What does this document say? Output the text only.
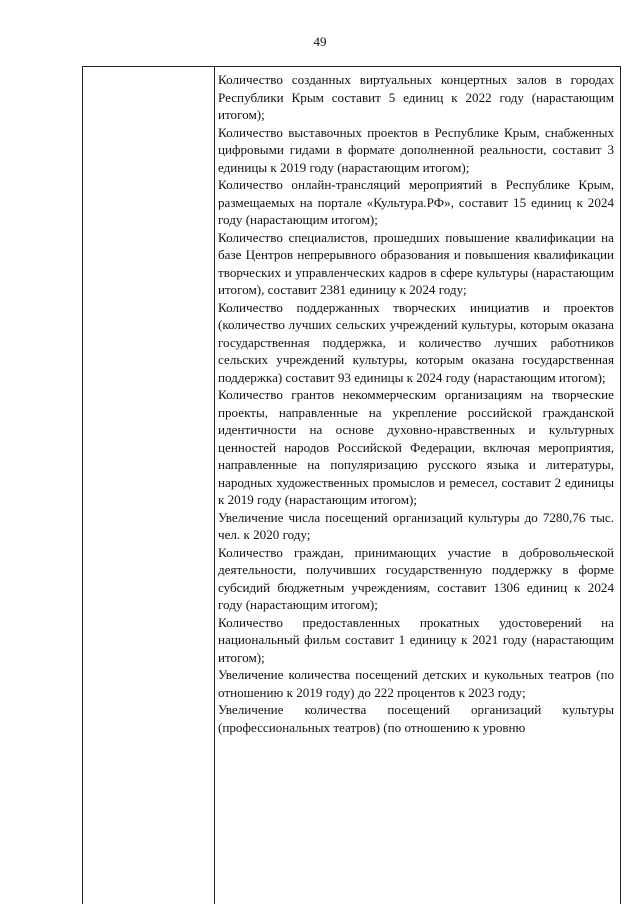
49

Количество созданных виртуальных концертных залов в городах Республики Крым составит 5 единиц к 2022 году (нарастающим итогом);

Количество выставочных проектов в Республике Крым, снабженных цифровыми гидами в формате дополненной реальности, составит 3 единицы к 2019 году (нарастающим итогом);

Количество онлайн-трансляций мероприятий в Республике Крым, размещаемых на портале «Культура.РФ», составит 15 единиц к 2024 году (нарастающим итогом);

Количество специалистов, прошедших повышение квалификации на базе Центров непрерывного образования и повышения квалификации творческих и управленческих кадров в сфере культуры (нарастающим итогом), составит 2381 единицу к 2024 году;

Количество поддержанных творческих инициатив и проектов (количество лучших сельских учреждений культуры, которым оказана государственная поддержка, и количество лучших работников сельских учреждений культуры, которым оказана государственная поддержка) составит 93 единицы к 2024 году (нарастающим итогом);

Количество грантов некоммерческим организациям на творческие проекты, направленные на укрепление российской гражданской идентичности на основе духовно-нравственных и культурных ценностей народов Российской Федерации, включая мероприятия, направленные на популяризацию русского языка и литературы, народных художественных промыслов и ремесел, составит 2 единицы к 2019 году (нарастающим итогом);

Увеличение числа посещений организаций культуры до 7280,76 тыс. чел. к 2020 году;

Количество граждан, принимающих участие в добровольческой деятельности, получивших государственную поддержку в форме субсидий бюджетным учреждениям, составит 1306 единиц к 2024 году (нарастающим итогом);

Количество предоставленных прокатных удостоверений на национальный фильм составит 1 единицу к 2021 году (нарастающим итогом);

Увеличение количества посещений детских и кукольных театров (по отношению к 2019 году) до 222 процентов к 2023 году;

Увеличение количества посещений организаций культуры (профессиональных театров) (по отношению к уровню
